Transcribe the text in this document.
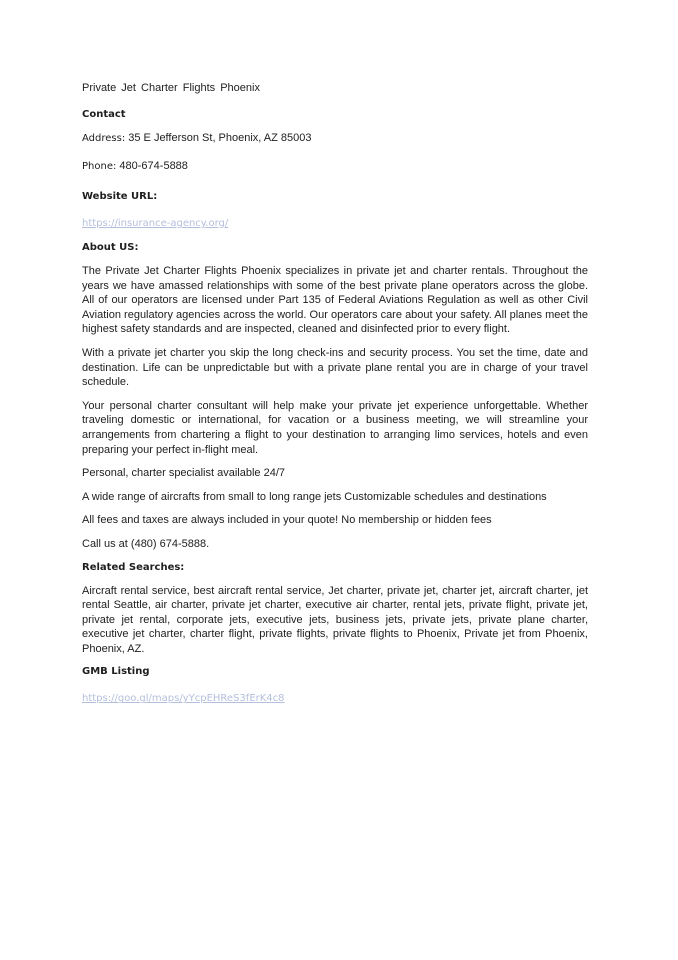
Private Jet Charter Flights Phoenix
Contact
Address: 35 E Jefferson St, Phoenix, AZ 85003
Phone: 480-674-5888
Website URL:
https://insurance-agency.org/
About US:
The Private Jet Charter Flights Phoenix specializes in private jet and charter rentals. Throughout the years we have amassed relationships with some of the best private plane operators across the globe. All of our operators are licensed under Part 135 of Federal Aviations Regulation as well as other Civil Aviation regulatory agencies across the world. Our operators care about your safety. All planes meet the highest safety standards and are inspected, cleaned and disinfected prior to every flight.
With a private jet charter you skip the long check-ins and security process. You set the time, date and destination. Life can be unpredictable but with a private plane rental you are in charge of your travel schedule.
Your personal charter consultant will help make your private jet experience unforgettable. Whether traveling domestic or international, for vacation or a business meeting, we will streamline your arrangements from chartering a flight to your destination to arranging limo services, hotels and even preparing your perfect in-flight meal.
Personal, charter specialist available 24/7
A wide range of aircrafts from small to long range jets Customizable schedules and destinations
All fees and taxes are always included in your quote! No membership or hidden fees
Call us at (480) 674-5888.
Related Searches:
Aircraft rental service, best aircraft rental service, Jet charter, private jet, charter jet, aircraft charter, jet rental Seattle, air charter, private jet charter, executive air charter, rental jets, private flight, private jet, private jet rental, corporate jets, executive jets, business jets, private jets, private plane charter, executive jet charter, charter flight, private flights, private flights to Phoenix, Private jet from Phoenix, Phoenix, AZ.
GMB Listing
https://goo.gl/maps/yYcpEHReS3fErK4c8
